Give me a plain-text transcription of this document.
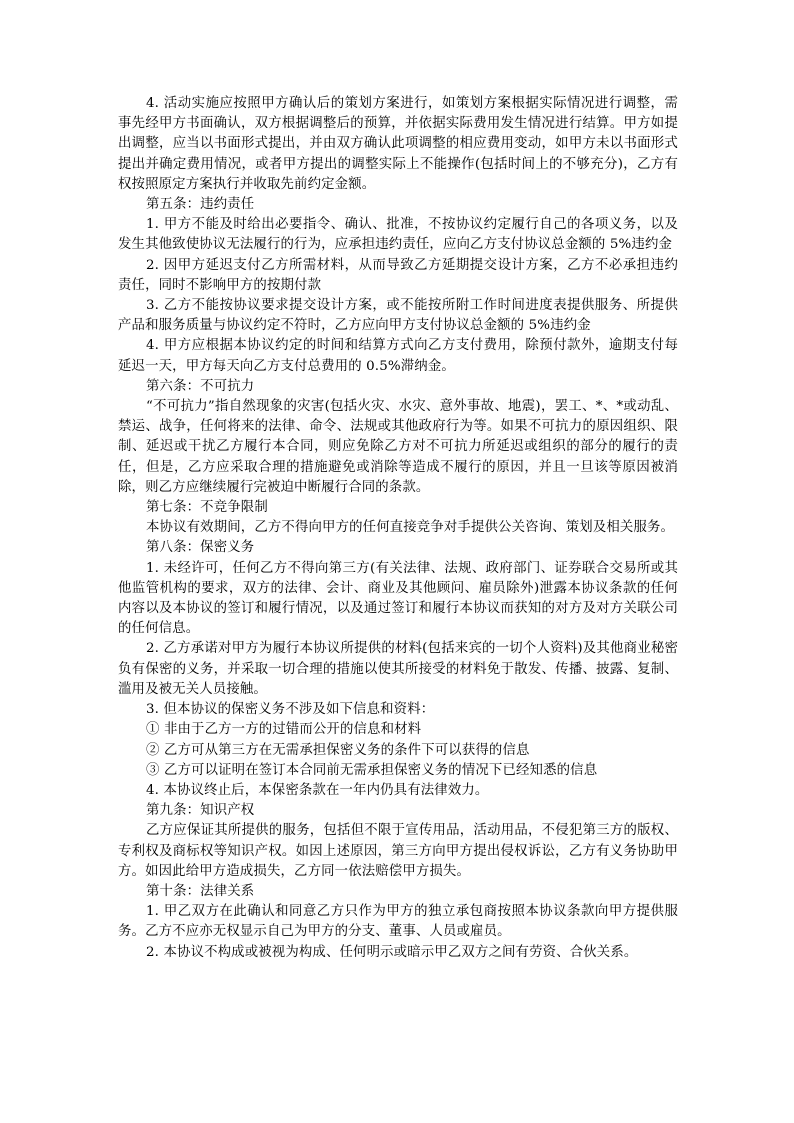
4. 活动实施应按照甲方确认后的策划方案进行，如策划方案根据实际情况进行调整，需事先经甲方书面确认，双方根据调整后的预算，并依据实际费用发生情况进行结算。甲方如提出调整，应当以书面形式提出，并由双方确认此项调整的相应费用变动，如甲方未以书面形式提出并确定费用情况，或者甲方提出的调整实际上不能操作(包括时间上的不够充分)，乙方有权按照原定方案执行并收取先前约定金额。

第五条：违约责任

1. 甲方不能及时给出必要指令、确认、批准，不按协议约定履行自己的各项义务，以及发生其他致使协议无法履行的行为，应承担违约责任，应向乙方支付协议总金额的 5%违约金

2. 因甲方延迟支付乙方所需材料，从而导致乙方延期提交设计方案，乙方不必承担违约责任，同时不影响甲方的按期付款

3. 乙方不能按协议要求提交设计方案，或不能按所附工作时间进度表提供服务、所提供产品和服务质量与协议约定不符时，乙方应向甲方支付协议总金额的 5%违约金

4. 甲方应根据本协议约定的时间和结算方式向乙方支付费用，除预付款外，逾期支付每延迟一天，甲方每天向乙方支付总费用的 0.5%滞纳金。

第六条：不可抗力

“不可抗力”指自然现象的灾害(包括火灾、水灾、意外事故、地震)，罢工、*、*或动乱、禁运、战争，任何将来的法律、命令、法规或其他政府行为等。如果不可抗力的原因组织、限制、延迟或干扰乙方履行本合同，则应免除乙方对不可抗力所延迟或组织的部分的履行的责任，但是，乙方应采取合理的措施避免或消除等造成不履行的原因，并且一旦该等原因被消除，则乙方应继续履行完被迫中断履行合同的条款。

第七条：不竞争限制

本协议有效期间，乙方不得向甲方的任何直接竞争对手提供公关咨询、策划及相关服务。

第八条：保密义务

1. 未经许可，任何乙方不得向第三方(有关法律、法规、政府部门、证券联合交易所或其他监管机构的要求，双方的法律、会计、商业及其他顾问、雇员除外)泄露本协议条款的任何内容以及本协议的签订和履行情况，以及通过签订和履行本协议而获知的对方及对方关联公司的任何信息。

2. 乙方承诺对甲方为履行本协议所提供的材料(包括来宾的一切个人资料)及其他商业秘密负有保密的义务，并采取一切合理的措施以使其所接受的材料免于散发、传播、披露、复制、滥用及被无关人员接触。

3. 但本协议的保密义务不涉及如下信息和资料：

① 非由于乙方一方的过错而公开的信息和材料

② 乙方可从第三方在无需承担保密义务的条件下可以获得的信息

③ 乙方可以证明在签订本合同前无需承担保密义务的情况下已经知悉的信息

4. 本协议终止后，本保密条款在一年内仍具有法律效力。

第九条：知识产权

乙方应保证其所提供的服务，包括但不限于宣传用品，活动用品，不侵犯第三方的版权、专利权及商标权等知识产权。如因上述原因，第三方向甲方提出侵权诉讼，乙方有义务协助甲方。如因此给甲方造成损失，乙方同一依法赔偿甲方损失。

第十条：法律关系

1. 甲乙双方在此确认和同意乙方只作为甲方的独立承包商按照本协议条款向甲方提供服务。乙方不应亦无权显示自己为甲方的分支、董事、人员或雇员。

2. 本协议不构成或被视为构成、任何明示或暗示甲乙双方之间有劳资、合伙关系。
